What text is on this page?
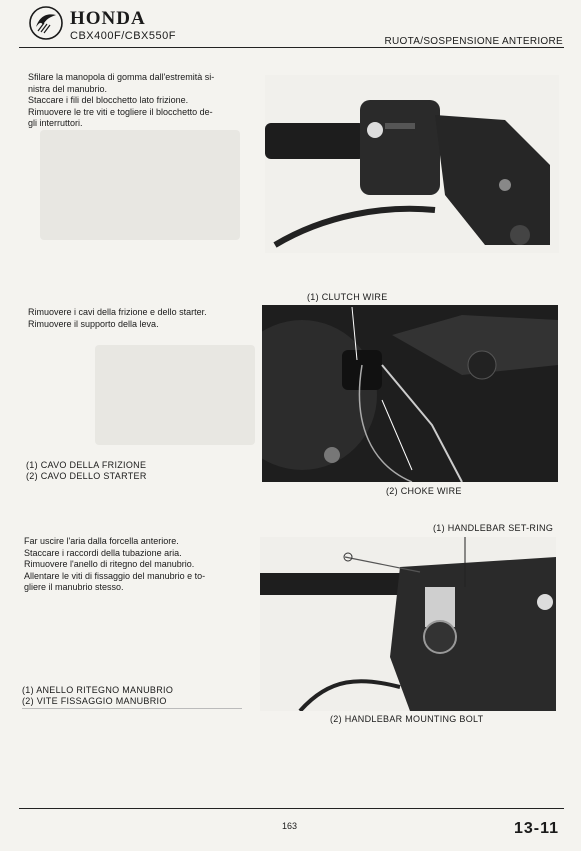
HONDA
CBX400F/CBX550F	RUOTA/SOSPENSIONE ANTERIORE
Sfilare la manopola di gomma dall'estremità si-
nistra del manubrio.
Staccare i fili del blocchetto lato frizione.
Rimuovere le tre viti e togliere il blocchetto de-
gli interruttori.
Rimuovere i cavi della frizione e dello starter.
Rimuovere il supporto della leva.
(1) CLUTCH WIRE
(2) CHOKE WIRE
(1) CAVO DELLA FRIZIONE
(2) CAVO DELLO STARTER
Far uscire l'aria dalla forcella anteriore.
Staccare i raccordi della tubazione aria.
Rimuovere l'anello di ritegno del manubrio.
Allentare le viti di fissaggio del manubrio e to-
gliere il manubrio stesso.
(1) HANDLEBAR SET-RING
(2) HANDLEBAR MOUNTING BOLT
(1) ANELLO RITEGNO MANUBRIO
(2) VITE FISSAGGIO MANUBRIO
163	13-11
